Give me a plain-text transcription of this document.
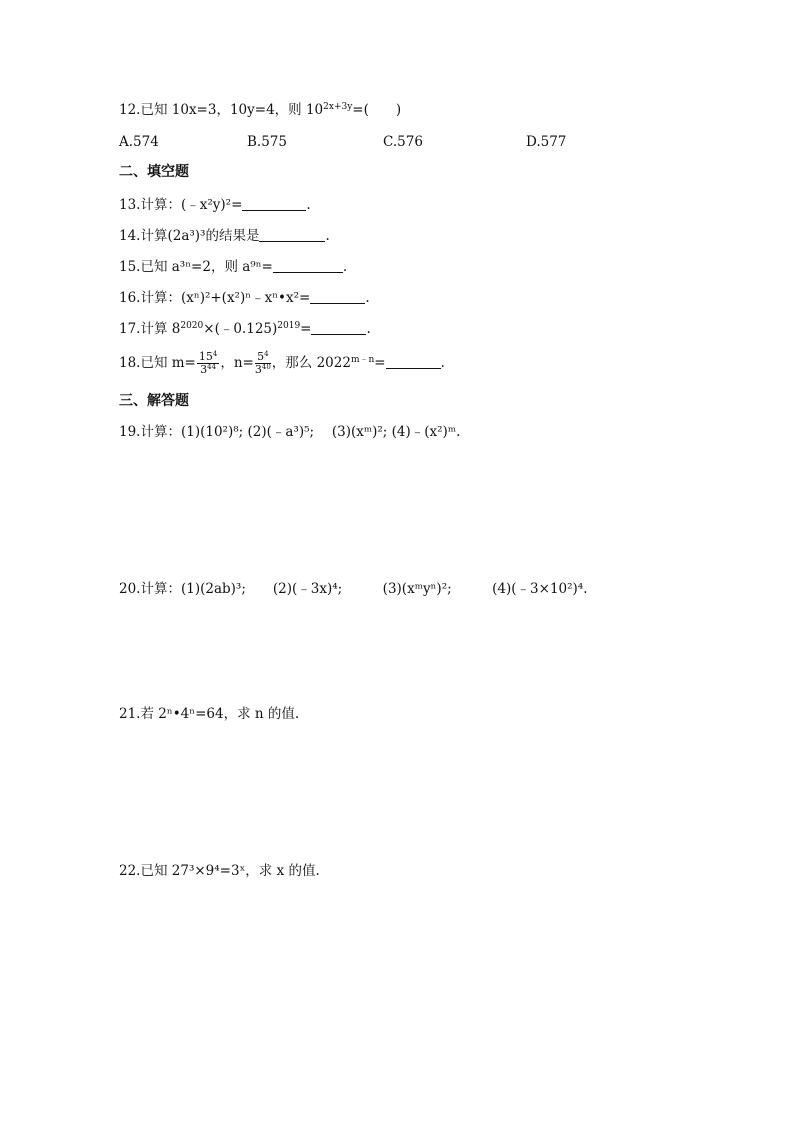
12.已知 10x=3，10y=4，则 $10^{2x+3y}=$(　　)
A.574	B.575	C.576	D.577
二、填空题
13.计算：(﹣x²y)²=	.
14.计算(2a³)³的结果是	.
15.已知 a³ⁿ=2，则 a⁹ⁿ=	.
16.计算：(xⁿ)²+(x²)ⁿ﹣xⁿ•x²=	.
17.计算 $8^{2020}\times(﹣0.125)^{2019}=$	.
18.已知 $m= \frac{15^4}{3^{44}}$ ，$n= \frac{5^4}{3^{40}}$ ，那么 $2022^{m﹣n}=$	.
三、解答题
19.计算：(1)(10²)⁸; (2)(﹣a³)⁵;　 (3)(xᵐ)²; (4)﹣(x²)ᵐ.
20.计算：(1)(2ab)³;　　(2)(﹣3x)⁴;　　　(3)(xᵐyⁿ)²;　　　(4)(﹣3×10²)⁴.
21.若 2ⁿ•4ⁿ=64，求 n 的值.
22.已知 27³×9⁴=3ˣ，求 x 的值.
